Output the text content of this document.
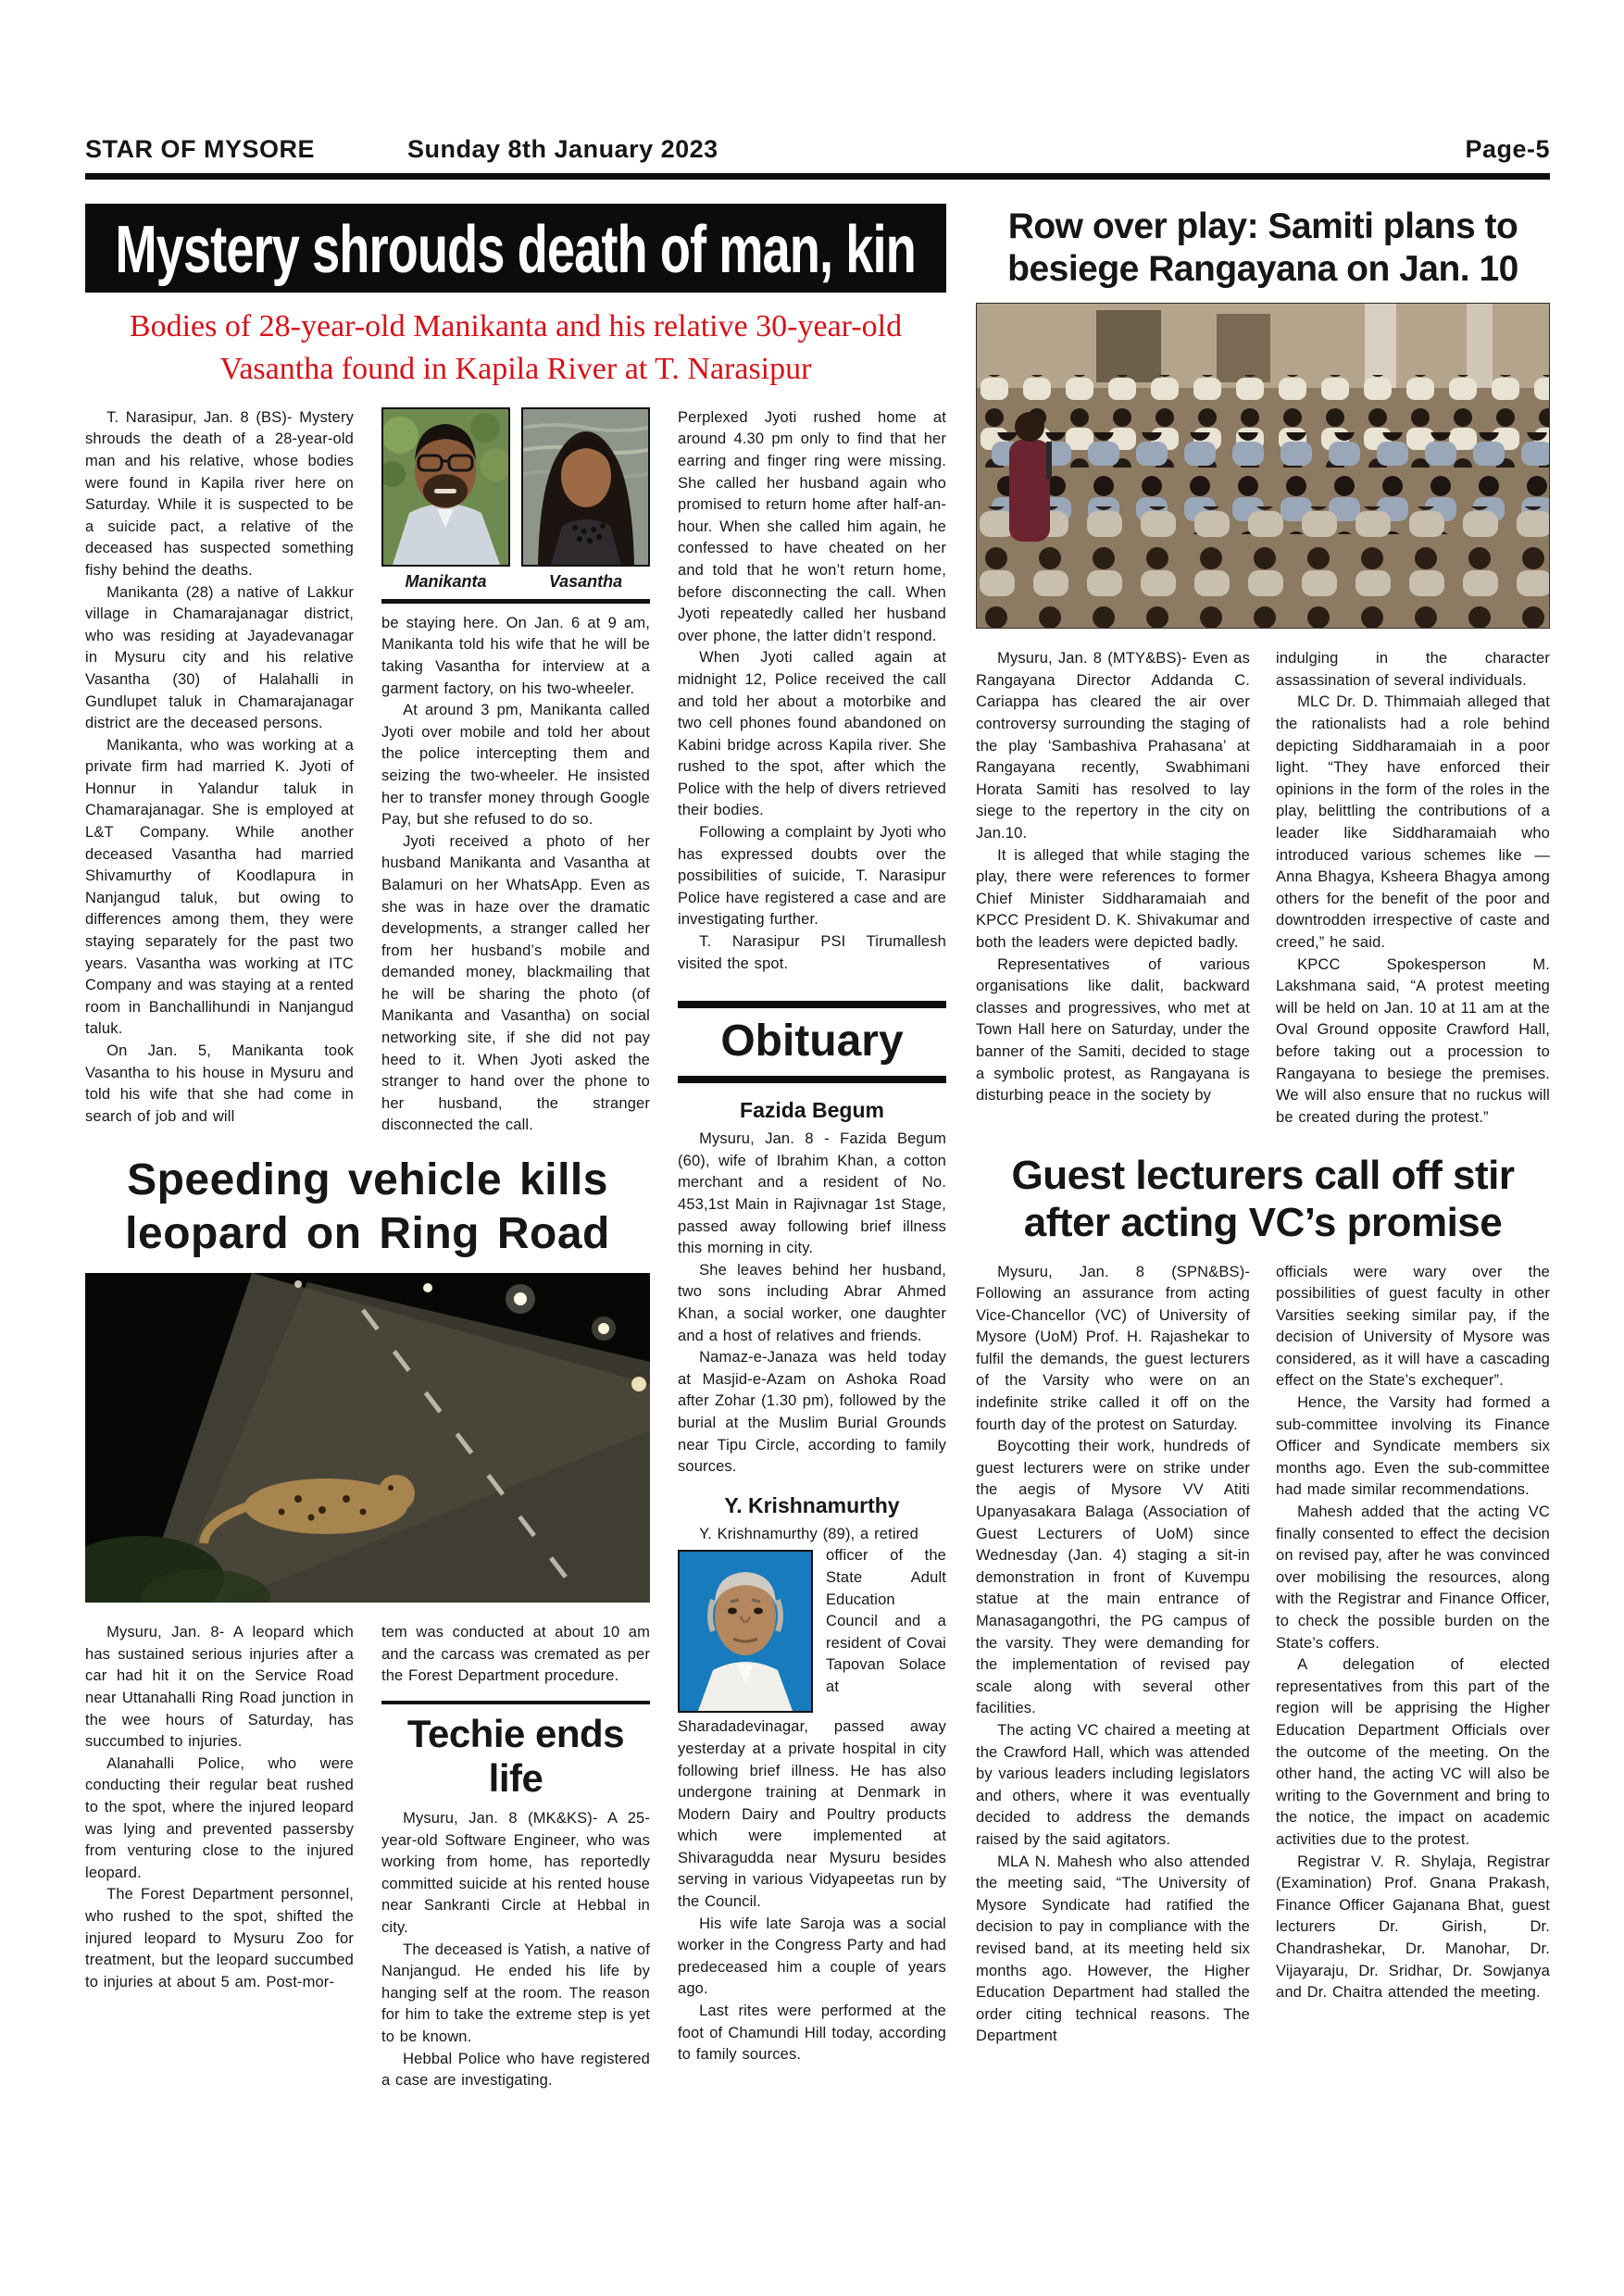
STAR OF MYSORE	Sunday 8th January 2023	Page-5
Mystery shrouds death of man, kin
Bodies of 28-year-old Manikanta and his relative 30-year-old Vasantha found in Kapila River at T. Narasipur

T. Narasipur, Jan. 8 (BS)- Mystery shrouds the death of a 28-year-old man and his relative, whose bodies were found in Kapila river here on Saturday. While it is suspected to be a suicide pact, a relative of the deceased has suspected something fishy behind the deaths.

Manikanta (28) a native of Lakkur village in Chamarajanagar district, who was residing at Jayadevanagar in Mysuru city and his relative Vasantha (30) of Halahalli in Gundlupet taluk in Chamarajanagar district are the deceased persons.

Manikanta, who was working at a private firm had married K. Jyoti of Honnur in Yalandur taluk in Chamarajanagar. She is employed at L&T Company. While another deceased Vasantha had married Shivamurthy of Koodlapura in Nanjangud taluk, but owing to differences among them, they were staying separately for the past two years. Vasantha was working at ITC Company and was staying at a rented room in Banchallihundi in Nanjangud taluk.

On Jan. 5, Manikanta took Vasantha to his house in Mysuru and told his wife that she had come in search of job and will

Manikanta	Vasantha

be staying here. On Jan. 6 at 9 am, Manikanta told his wife that he will be taking Vasantha for interview at a garment factory, on his two-wheeler.

At around 3 pm, Manikanta called Jyoti over mobile and told her about the police intercepting them and seizing the two-wheeler. He insisted her to transfer money through Google Pay, but she refused to do so.

Jyoti received a photo of her husband Manikanta and Vasantha at Balamuri on her WhatsApp. Even as she was in haze over the dramatic developments, a stranger called her from her husband’s mobile and demanded money, blackmailing that he will be sharing the photo (of Manikanta and Vasantha) on social networking site, if she did not pay heed to it. When Jyoti asked the stranger to hand over the phone to her husband, the stranger disconnected the call.

Perplexed Jyoti rushed home at around 4.30 pm only to find that her earring and finger ring were missing. She called her husband again who promised to return home after half-an-hour. When she called him again, he confessed to have cheated on her and told that he won’t return home, before disconnecting the call. When Jyoti repeatedly called her husband over phone, the latter didn’t respond.

When Jyoti called again at midnight 12, Police received the call and told her about a motorbike and two cell phones found abandoned on Kabini bridge across Kapila river. She rushed to the spot, after which the Police with the help of divers retrieved their bodies.

Following a complaint by Jyoti who has expressed doubts over the possibilities of suicide, T. Narasipur Police have registered a case and are investigating further.

T. Narasipur PSI Tirumallesh visited the spot.

Obituary
Fazida Begum

Mysuru, Jan. 8 - Fazida Begum (60), wife of Ibrahim Khan, a cotton merchant and a resident of No. 453,1st Main in Rajivnagar 1st Stage, passed away following brief illness this morning in city.

She leaves behind her husband, two sons including Abrar Ahmed Khan, a social worker, one daughter and a host of relatives and friends.

Namaz-e-Janaza was held today at Masjid-e-Azam on Ashoka Road after Zohar (1.30 pm), followed by the burial at the Muslim Burial Grounds near Tipu Circle, according to family sources.

Y. Krishnamurthy

Y. Krishnamurthy (89), a retired

officer of the State Adult Education Council and a resident of Covai Tapovan Solace at Sharadadevinagar, passed away yesterday at a private hospital in city following brief illness. He has also undergone training at Denmark in Modern Dairy and Poultry products which were implemented at Shivaragudda near Mysuru besides serving in various Vidyapeetas run by the Council.

His wife late Saroja was a social worker in the Congress Party and had predeceased him a couple of years ago.

Last rites were performed at the foot of Chamundi Hill today, according to family sources.

Speeding vehicle kills leopard on Ring Road

Mysuru, Jan. 8- A leopard which has sustained serious injuries after a car had hit it on the Service Road near Uttanahalli Ring Road junction in the wee hours of Saturday, has succumbed to injuries.

Alanahalli Police, who were conducting their regular beat rushed to the spot, where the injured leopard was lying and prevented passersby from venturing close to the injured leopard.

The Forest Department personnel, who rushed to the spot, shifted the injured leopard to Mysuru Zoo for treatment, but the leopard succumbed to injuries at about 5 am. Post-mor-

tem was conducted at about 10 am and the carcass was cremated as per the Forest Department procedure.

Techie ends life

Mysuru, Jan. 8 (MK&KS)- A 25-year-old Software Engineer, who was working from home, has reportedly committed suicide at his rented house near Sankranti Circle at Hebbal in city.

The deceased is Yatish, a native of Nanjangud. He ended his life by hanging self at the room. The reason for him to take the extreme step is yet to be known.

Hebbal Police who have registered a case are investigating.

Row over play: Samiti plans to besiege Rangayana on Jan. 10

Mysuru, Jan. 8 (MTY&BS)- Even as Rangayana Director Addanda C. Cariappa has cleared the air over controversy surrounding the staging of the play ‘Sambashiva Prahasana’ at Rangayana recently, Swabhimani Horata Samiti has resolved to lay siege to the repertory in the city on Jan.10.

It is alleged that while staging the play, there were references to former Chief Minister Siddharamaiah and KPCC President D. K. Shivakumar and both the leaders were depicted badly.

Representatives of various organisations like dalit, backward classes and progressives, who met at Town Hall here on Saturday, under the banner of the Samiti, decided to stage a symbolic protest, as Rangayana is disturbing peace in the society by

indulging in the character assassination of several individuals.

MLC Dr. D. Thimmaiah alleged that the rationalists had a role behind depicting Siddharamaiah in a poor light. “They have enforced their opinions in the form of the roles in the play, belittling the contributions of a leader like Siddharamaiah who introduced various schemes like — Anna Bhagya, Ksheera Bhagya among others for the benefit of the poor and downtrodden irrespective of caste and creed,” he said.

KPCC Spokesperson M. Lakshmana said, “A protest meeting will be held on Jan. 10 at 11 am at the Oval Ground opposite Crawford Hall, before taking out a procession to Rangayana to besiege the premises. We will also ensure that no ruckus will be created during the protest.”

Guest lecturers call off stir after acting VC’s promise

Mysuru, Jan. 8 (SPN&BS)-Following an assurance from acting Vice-Chancellor (VC) of University of Mysore (UoM) Prof. H. Rajashekar to fulfil the demands, the guest lecturers of the Varsity who were on an indefinite strike called it off on the fourth day of the protest on Saturday.

Boycotting their work, hundreds of guest lecturers were on strike under the aegis of Mysore VV Atiti Upanyasakara Balaga (Association of Guest Lecturers of UoM) since Wednesday (Jan. 4) staging a sit-in demonstration in front of Kuvempu statue at the main entrance of Manasagangothri, the PG campus of the varsity. They were demanding for the implementation of revised pay scale along with several other facilities.

The acting VC chaired a meeting at the Crawford Hall, which was attended by various leaders including legislators and others, where it was eventually decided to address the demands raised by the said agitators.

MLA N. Mahesh who also attended the meeting said, “The University of Mysore Syndicate had ratified the decision to pay in compliance with the revised band, at its meeting held six months ago. However, the Higher Education Department had stalled the order citing technical reasons. The Department

officials were wary over the possibilities of guest faculty in other Varsities seeking similar pay, if the decision of University of Mysore was considered, as it will have a cascading effect on the State’s exchequer”.

Hence, the Varsity had formed a sub-committee involving its Finance Officer and Syndicate members six months ago. Even the sub-committee had made similar recommendations.

Mahesh added that the acting VC finally consented to effect the decision on revised pay, after he was convinced over mobilising the resources, along with the Registrar and Finance Officer, to check the possible burden on the State’s coffers.

A delegation of elected representatives from this part of the region will be apprising the Higher Education Department Officials over the outcome of the meeting. On the other hand, the acting VC will also be writing to the Government and bring to the notice, the impact on academic activities due to the protest.

Registrar V. R. Shylaja, Registrar (Examination) Prof. Gnana Prakash, Finance Officer Gajanana Bhat, guest lecturers Dr. Girish, Dr. Chandrashekar, Dr. Manohar, Dr. Vijayaraju, Dr. Sridhar, Dr. Sowjanya and Dr. Chaitra attended the meeting.
